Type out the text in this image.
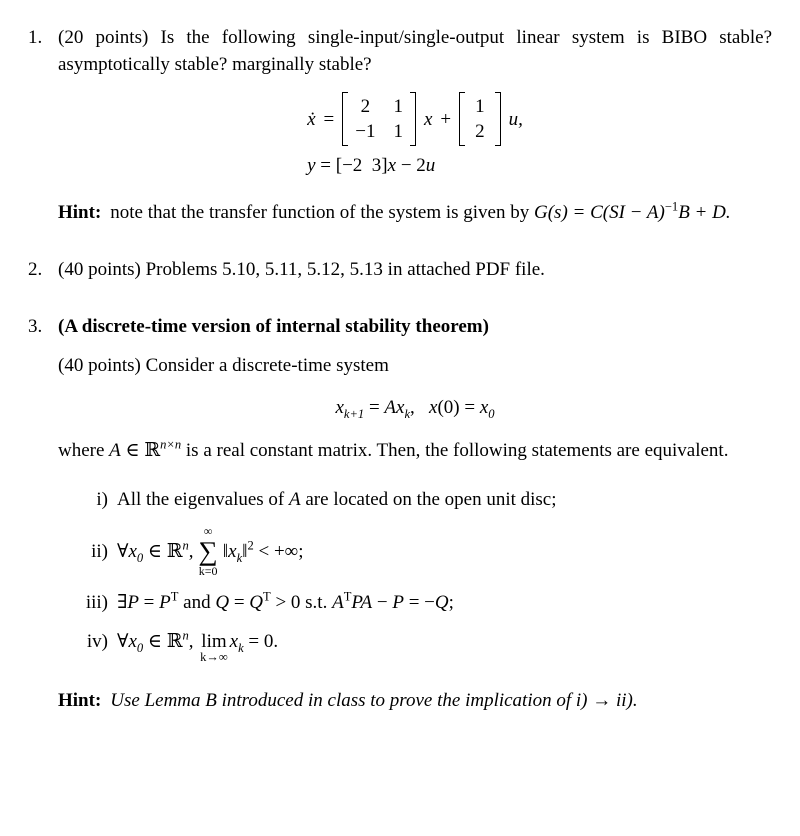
1. (20 points) Is the following single-input/single-output linear system is BIBO stable? asymptotically stable? marginally stable?

ẋ =
2 1
−1 1
x +
1
2
u,
y = [−2  3]x − 2u

Hint: note that the transfer function of the system is given by G(s) = C(SI − A)$^{-1}$B + D.

2. (40 points) Problems 5.10, 5.11, 5.12, 5.13 in attached PDF file.

3. (A discrete-time version of internal stability theorem)

(40 points) Consider a discrete-time system

$x_{k+1} = Ax_k$,   $x(0) = x_0$

where A ∈ ℝ$^{n\times n}$ is a real constant matrix. Then, the following statements are equivalent.

i) All the eigenvalues of A are located on the open unit disc;
ii) $\forall x_0$ ∈ ℝ$^n$,
∞
∑
k=0
$‖x_k‖^2$ < +∞;
iii) ∃P = $P^T$ and $Q = Q^T > 0$ s.t. $A^TPA - P = -Q$;
iv) $\forall x_0$ ∈ ℝ$^n$, lim
k→∞
$x_k = 0$.

Hint: Use Lemma B introduced in class to prove the implication of i) → ii).
